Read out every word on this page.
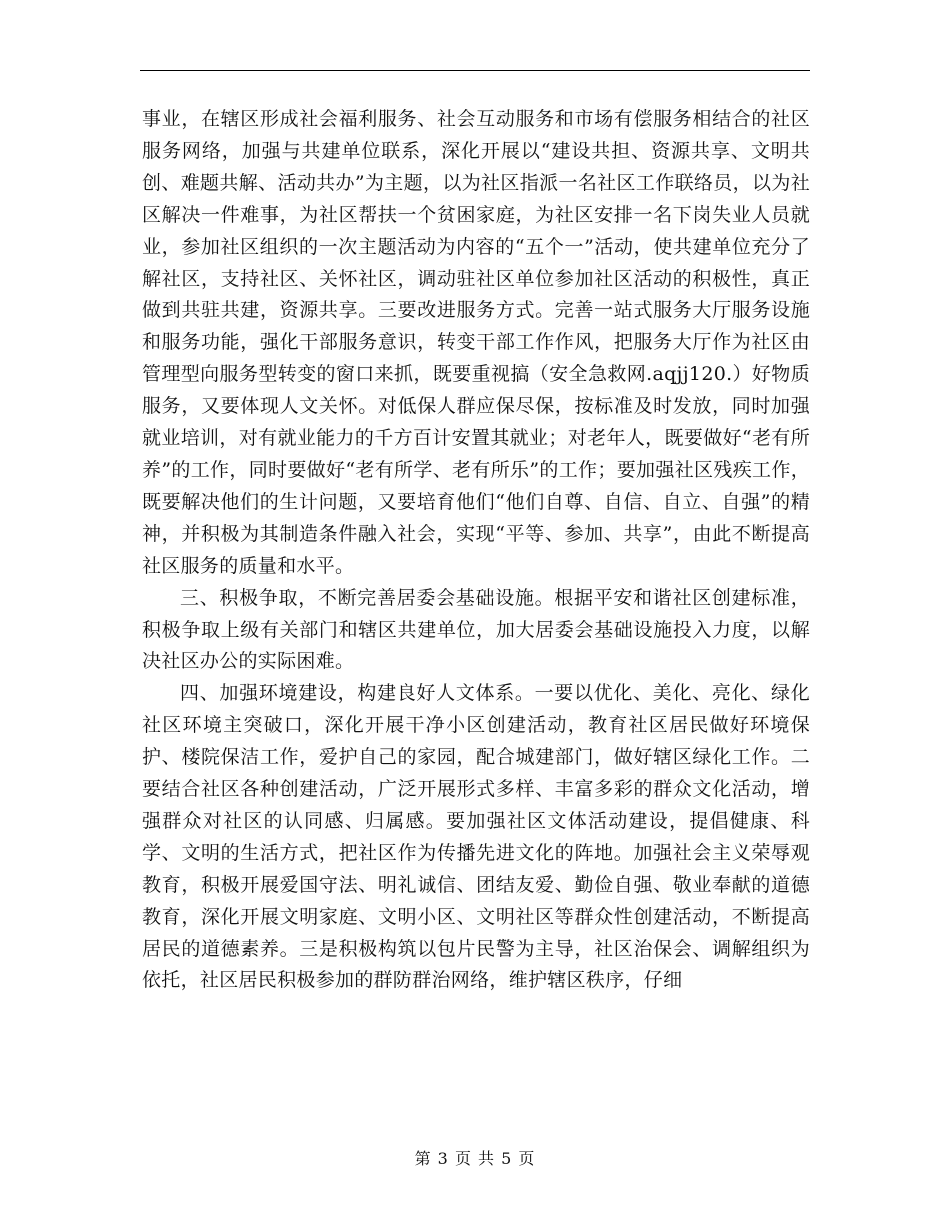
事业，在辖区形成社会福利服务、社会互动服务和市场有偿服务相结合的社区服务网络，加强与共建单位联系，深化开展以“建设共担、资源共享、文明共创、难题共解、活动共办”为主题，以为社区指派一名社区工作联络员，以为社区解决一件难事，为社区帮扶一个贫困家庭，为社区安排一名下岗失业人员就业，参加社区组织的一次主题活动为内容的“五个一”活动，使共建单位充分了解社区，支持社区、关怀社区，调动驻社区单位参加社区活动的积极性，真正做到共驻共建，资源共享。三要改进服务方式。完善一站式服务大厅服务设施和服务功能，强化干部服务意识，转变干部工作作风，把服务大厅作为社区由管理型向服务型转变的窗口来抓，既要重视搞（安全急救网.aqjj120.）好物质服务，又要体现人文关怀。对低保人群应保尽保，按标准及时发放，同时加强就业培训，对有就业能力的千方百计安置其就业；对老年人，既要做好“老有所养”的工作，同时要做好“老有所学、老有所乐”的工作；要加强社区残疾工作，既要解决他们的生计问题，又要培育他们“他们自尊、自信、自立、自强”的精神，并积极为其制造条件融入社会，实现“平等、参加、共享”，由此不断提高社区服务的质量和水平。

三、积极争取，不断完善居委会基础设施。根据平安和谐社区创建标准，积极争取上级有关部门和辖区共建单位，加大居委会基础设施投入力度，以解决社区办公的实际困难。

四、加强环境建设，构建良好人文体系。一要以优化、美化、亮化、绿化社区环境主突破口，深化开展干净小区创建活动，教育社区居民做好环境保护、楼院保洁工作，爱护自己的家园，配合城建部门，做好辖区绿化工作。二要结合社区各种创建活动，广泛开展形式多样、丰富多彩的群众文化活动，增强群众对社区的认同感、归属感。要加强社区文体活动建设，提倡健康、科学、文明的生活方式，把社区作为传播先进文化的阵地。加强社会主义荣辱观教育，积极开展爱国守法、明礼诚信、团结友爱、勤俭自强、敬业奉献的道德教育，深化开展文明家庭、文明小区、文明社区等群众性创建活动，不断提高居民的道德素养。三是积极构筑以包片民警为主导，社区治保会、调解组织为依托，社区居民积极参加的群防群治网络，维护辖区秩序，仔细

第 3 页 共 5 页
